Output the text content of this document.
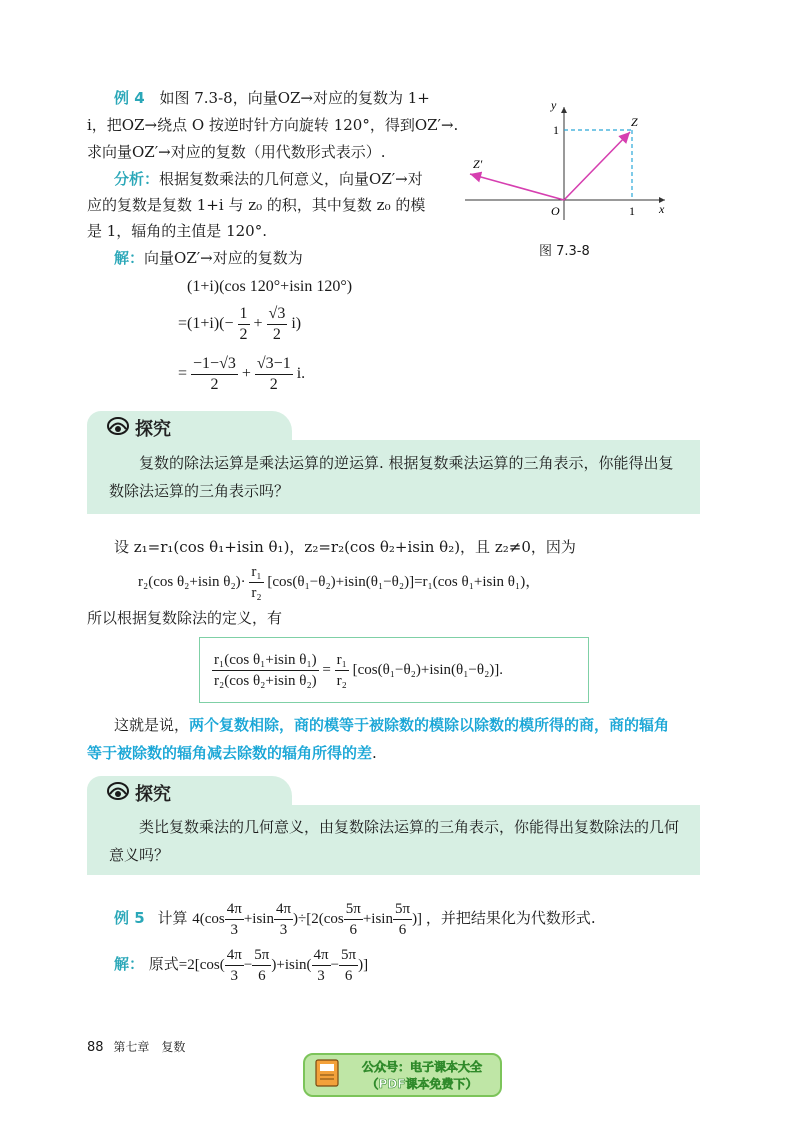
例 4 如图 7.3-8，向量OZ→对应的复数为 1+
i，把OZ→绕点 O 按逆时针方向旋转 120°，得到OZ′→.
求向量OZ′→对应的复数（用代数形式表示）.
分析：根据复数乘法的几何意义，向量OZ′→对
应的复数是复数 1+i 与 z₀ 的积，其中复数 z₀ 的模
是 1，辐角的主值是 120°.
解：向量OZ′→对应的复数为
(1+i)(cos 120°+isin 120°)
$=(1+i)(- \frac{1}{2} + \frac{√3}{2} i)$
= $\frac{-1-√3}{2} + \frac{√3-1}{2} i$.
y
x
O
Z
Z′
1
1
图 7.3-8
探究
复数的除法运算是乘法运算的逆运算. 根据复数乘法运算的三角表示，你能得出复数除法运算的三角表示吗？
设 z₁=r₁(cos θ₁+isin θ₁)，z₂=r₂(cos θ₂+isin θ₂)，且 z₂≠0，因为
r₂(cos θ₂+isin $\theta_2)\cdot \frac{\text{r₁}}{\text{r₂}} [\cos(\theta_1-\theta_2)+isin(\theta_1-\theta_2)]=r_1(\cos$ θ₁+isin θ₁)，
所以根据复数除法的定义，有
$\frac{\text{r₁(cos θ₁+isin θ₁)}}{\text{r₂(cos θ₂+isin θ₂)}} = \frac{\text{r₁}}{\text{r₂}} [\cos(\theta_1-\theta_2)+isin(\theta_1-\theta_2)]$.
这就是说，两个复数相除，商的模等于被除数的模除以除数的模所得的商，商的辐角
等于被除数的辐角减去除数的辐角所得的差.
探究
类比复数乘法的几何意义，由复数除法运算的三角表示，你能得出复数除法的几何意义吗？
例 5 计算 $4(\cos \frac{4\pi}{3} +isin \frac{4\pi}{3} )\div[2(\cos \frac{5\pi}{6} +isin \frac{5\pi}{6}$ )] ，并把结果化为代数形式.
解： 原式$=2[\cos( \frac{4\pi}{3} - \frac{5\pi}{6} )+isin( \frac{4\pi}{3} - \frac{5\pi}{6}$ )]
88 第七章　复数
公众号：电子课本大全
（PDF课本免费下）
